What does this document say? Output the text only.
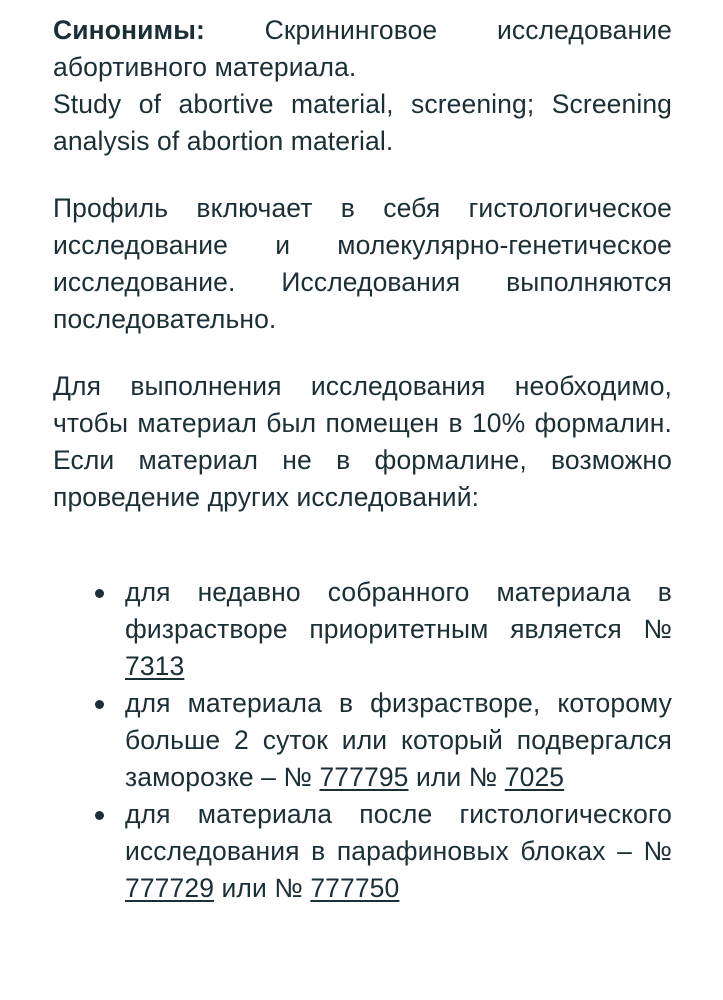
Синонимы: Скрининговое исследование абортивного материала.
Study of abortive material, screening; Screening analysis of abortion material.

Профиль включает в себя гистологическое исследование и молекулярно-генетическое исследование. Исследования выполняются последовательно.

Для выполнения исследования необходимо, чтобы материал был помещен в 10% формалин. Если материал не в формалине, возможно проведение других исследований:

для недавно собранного материала в физрастворе приоритетным является № 7313
для материала в физрастворе, которому больше 2 суток или который подвергался заморозке – № 777795 или № 7025
для материала после гистологического исследования в парафиновых блоках – № 777729 или № 777750
